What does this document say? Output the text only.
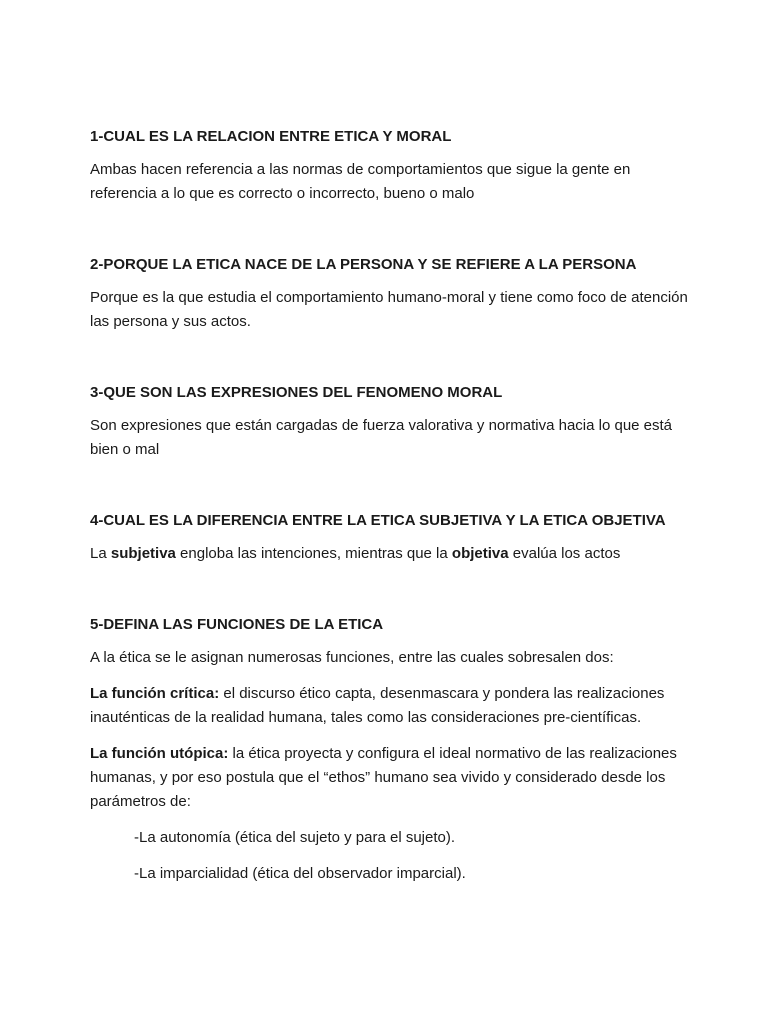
1-CUAL ES LA RELACION ENTRE ETICA Y MORAL
Ambas hacen referencia a las normas de comportamientos que sigue la gente en referencia a lo que es correcto o incorrecto, bueno o malo
2-PORQUE LA ETICA NACE DE LA PERSONA Y SE REFIERE A LA PERSONA
Porque es la que estudia el comportamiento humano-moral y tiene como foco de atención las persona y sus actos.
3-QUE SON LAS EXPRESIONES DEL FENOMENO MORAL
Son expresiones que están cargadas de fuerza valorativa y normativa hacia lo que está bien o mal
4-CUAL ES LA DIFERENCIA ENTRE LA ETICA SUBJETIVA Y LA ETICA OBJETIVA
La subjetiva engloba las intenciones, mientras que la objetiva evalúa los actos
5-DEFINA LAS FUNCIONES DE LA ETICA
A la ética se le asignan numerosas funciones, entre las cuales sobresalen dos:
La función crítica: el discurso ético capta, desenmascara y pondera las realizaciones inauténticas de la realidad humana, tales como las consideraciones pre-científicas.
La función utópica: la ética proyecta y configura el ideal normativo de las realizaciones humanas, y por eso postula que el “ethos” humano sea vivido y considerado desde los parámetros de:
-La autonomía (ética del sujeto y para el sujeto).
-La imparcialidad (ética del observador imparcial).
